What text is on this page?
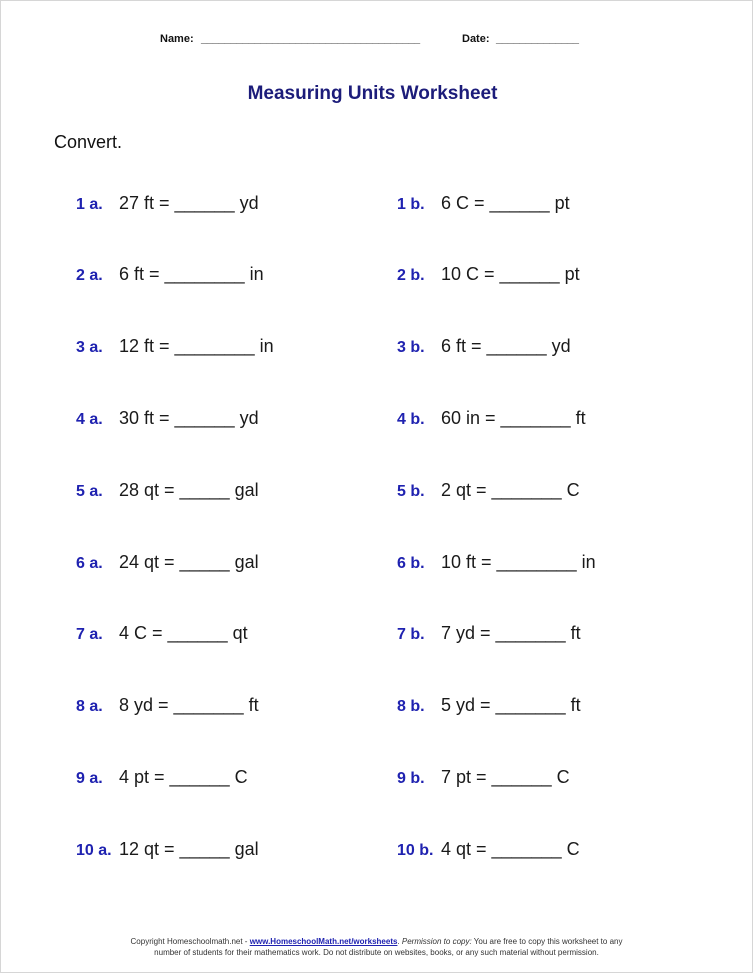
Name: _____________________________________	Date: ______________
Measuring Units Worksheet
Convert.
1 a. 27 ft = ______ yd	1 b. 6 C = ______ pt
2 a. 6 ft = ________ in	2 b. 10 C = ______ pt
3 a. 12 ft = ________ in	3 b. 6 ft = ______ yd
4 a. 30 ft = ______ yd	4 b. 60 in = _______ ft
5 a. 28 qt = _____ gal	5 b. 2 qt = _______ C
6 a. 24 qt = _____ gal	6 b. 10 ft = ________ in
7 a. 4 C = ______ qt	7 b. 7 yd = _______ ft
8 a. 8 yd = _______ ft	8 b. 5 yd = _______ ft
9 a. 4 pt = ______ C	9 b. 7 pt = ______ C
10 a. 12 qt = _____ gal	10 b. 4 qt = _______ C
Copyright Homeschoolmath.net - www.HomeschoolMath.net/worksheets. Permission to copy: You are free to copy this worksheet to any
number of students for their mathematics work. Do not distribute on websites, books, or any such material without permission.
